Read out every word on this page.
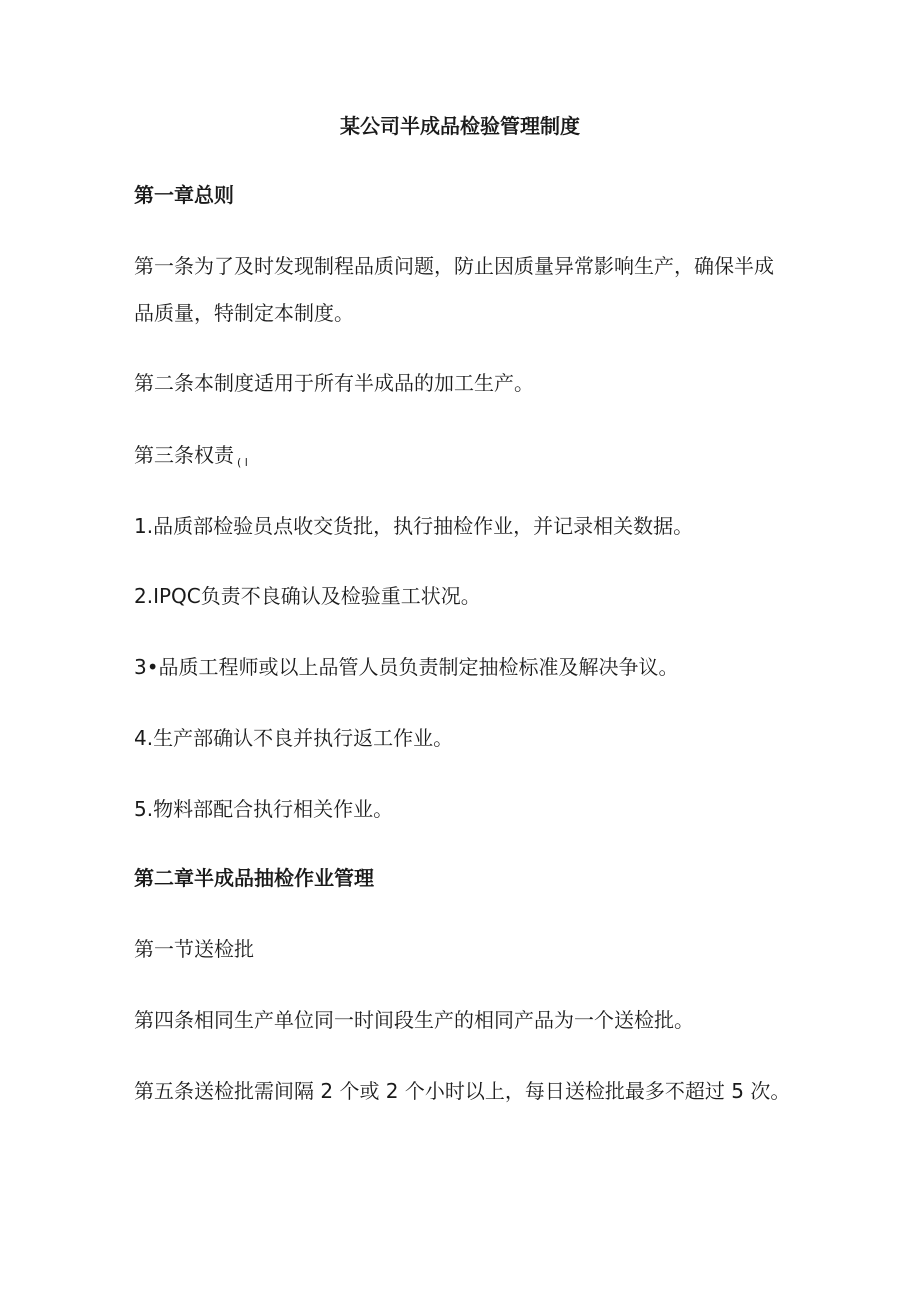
某公司半成品检验管理制度

第一章总则

第一条为了及时发现制程品质问题，防止因质量异常影响生产，确保半成

品质量，特制定本制度。

第二条本制度适用于所有半成品的加工生产。

第三条权责 $_{( l}$

1.品质部检验员点收交货批，执行抽检作业，并记录相关数据。

2.IPQC负责不良确认及检验重工状况。

3•品质工程师或以上品管人员负责制定抽检标准及解决争议。

4.生产部确认不良并执行返工作业。

5.物料部配合执行相关作业。

第二章半成品抽检作业管理

第一节送检批

第四条相同生产单位同一时间段生产的相同产品为一个送检批。

第五条送检批需间隔 2 个或 2 个小时以上，每日送检批最多不超过 5 次。
